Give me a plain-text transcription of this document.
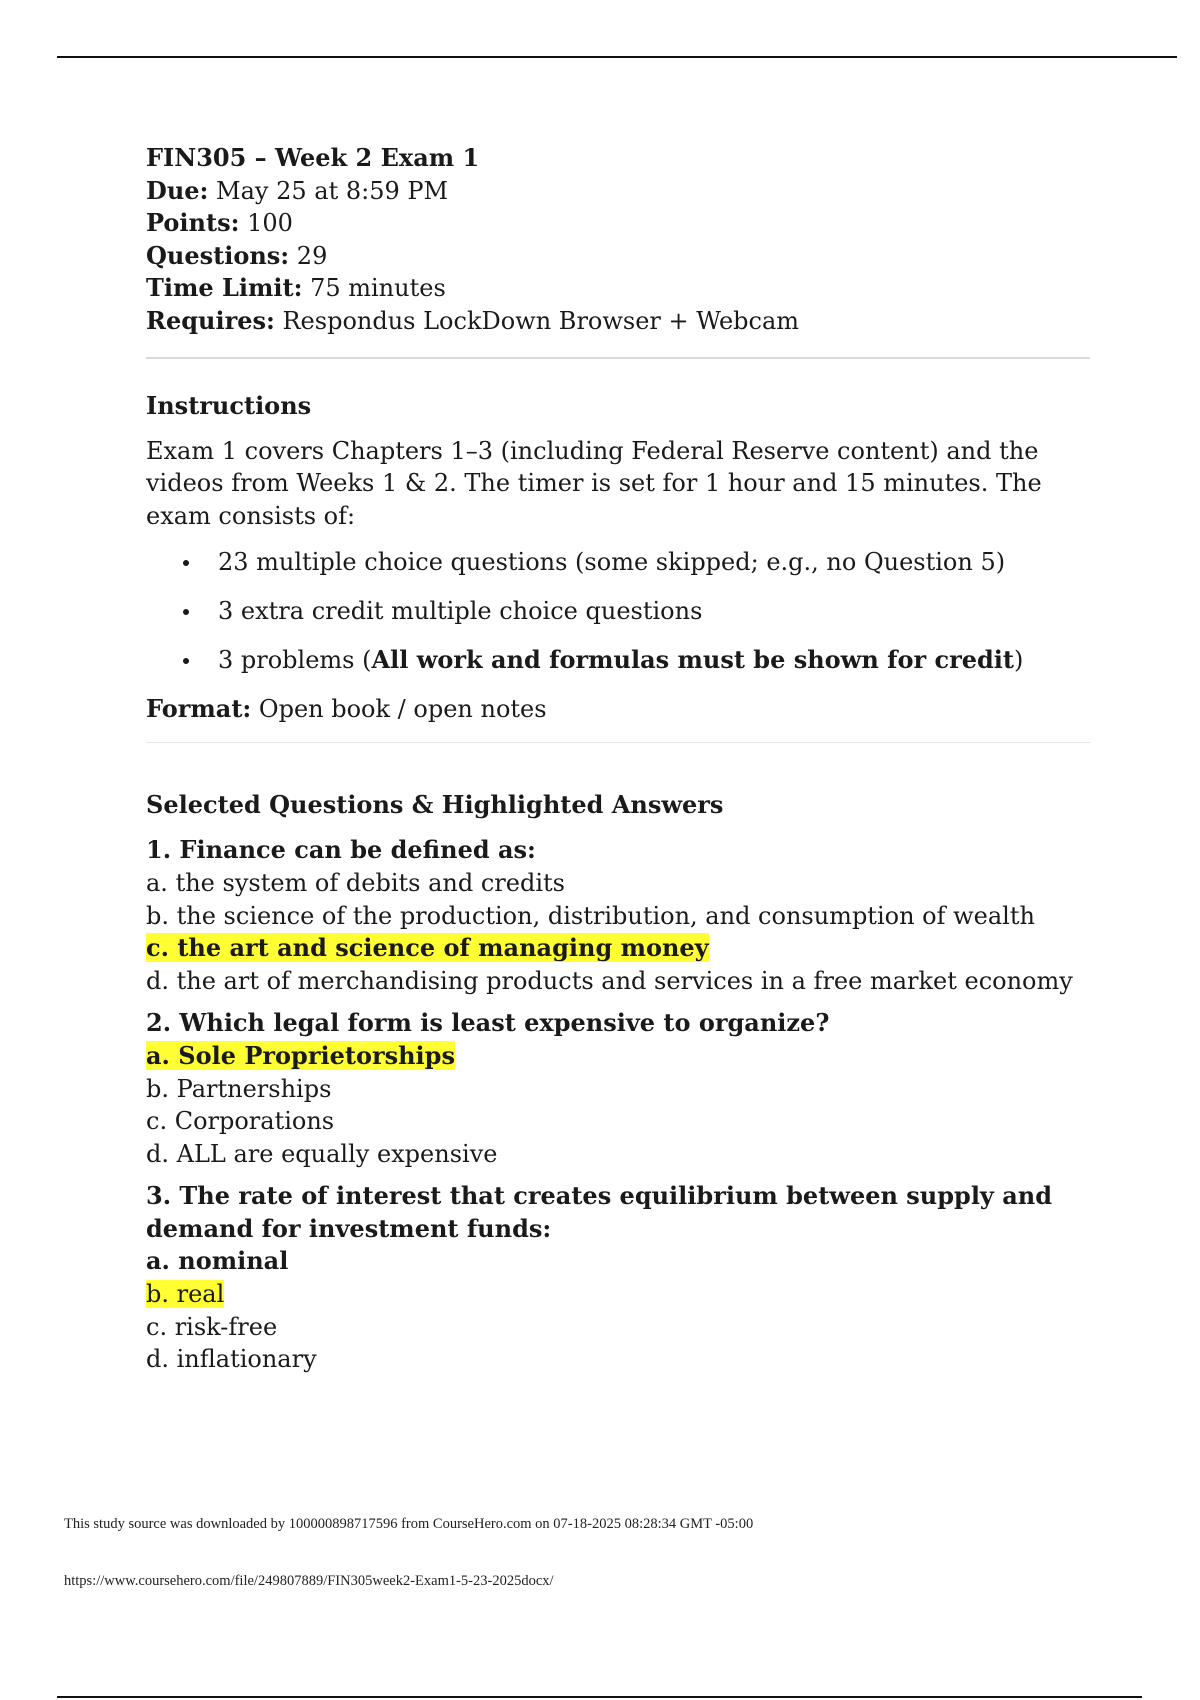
FIN305 – Week 2 Exam 1

Due: May 25 at 8:59 PM

Points: 100

Questions: 29

Time Limit: 75 minutes

Requires: Respondus LockDown Browser + Webcam

Instructions

Exam 1 covers Chapters 1–3 (including Federal Reserve content) and the videos from Weeks 1 & 2. The timer is set for 1 hour and 15 minutes. The exam consists of:

23 multiple choice questions (some skipped; e.g., no Question 5)
3 extra credit multiple choice questions
3 problems (All work and formulas must be shown for credit)

Format: Open book / open notes

Selected Questions & Highlighted Answers

1. Finance can be defined as:

a. the system of debits and credits

b. the science of the production, distribution, and consumption of wealth

c. the art and science of managing money

d. the art of merchandising products and services in a free market economy

2. Which legal form is least expensive to organize?

a. Sole Proprietorships

b. Partnerships

c. Corporations

d. ALL are equally expensive

3. The rate of interest that creates equilibrium between supply and demand for investment funds:

a. nominal

b. real

c. risk-free

d. inflationary

This study source was downloaded by 100000898717596 from CourseHero.com on 07-18-2025 08:28:34 GMT -05:00
https://www.coursehero.com/file/249807889/FIN305week2-Exam1-5-23-2025docx/
